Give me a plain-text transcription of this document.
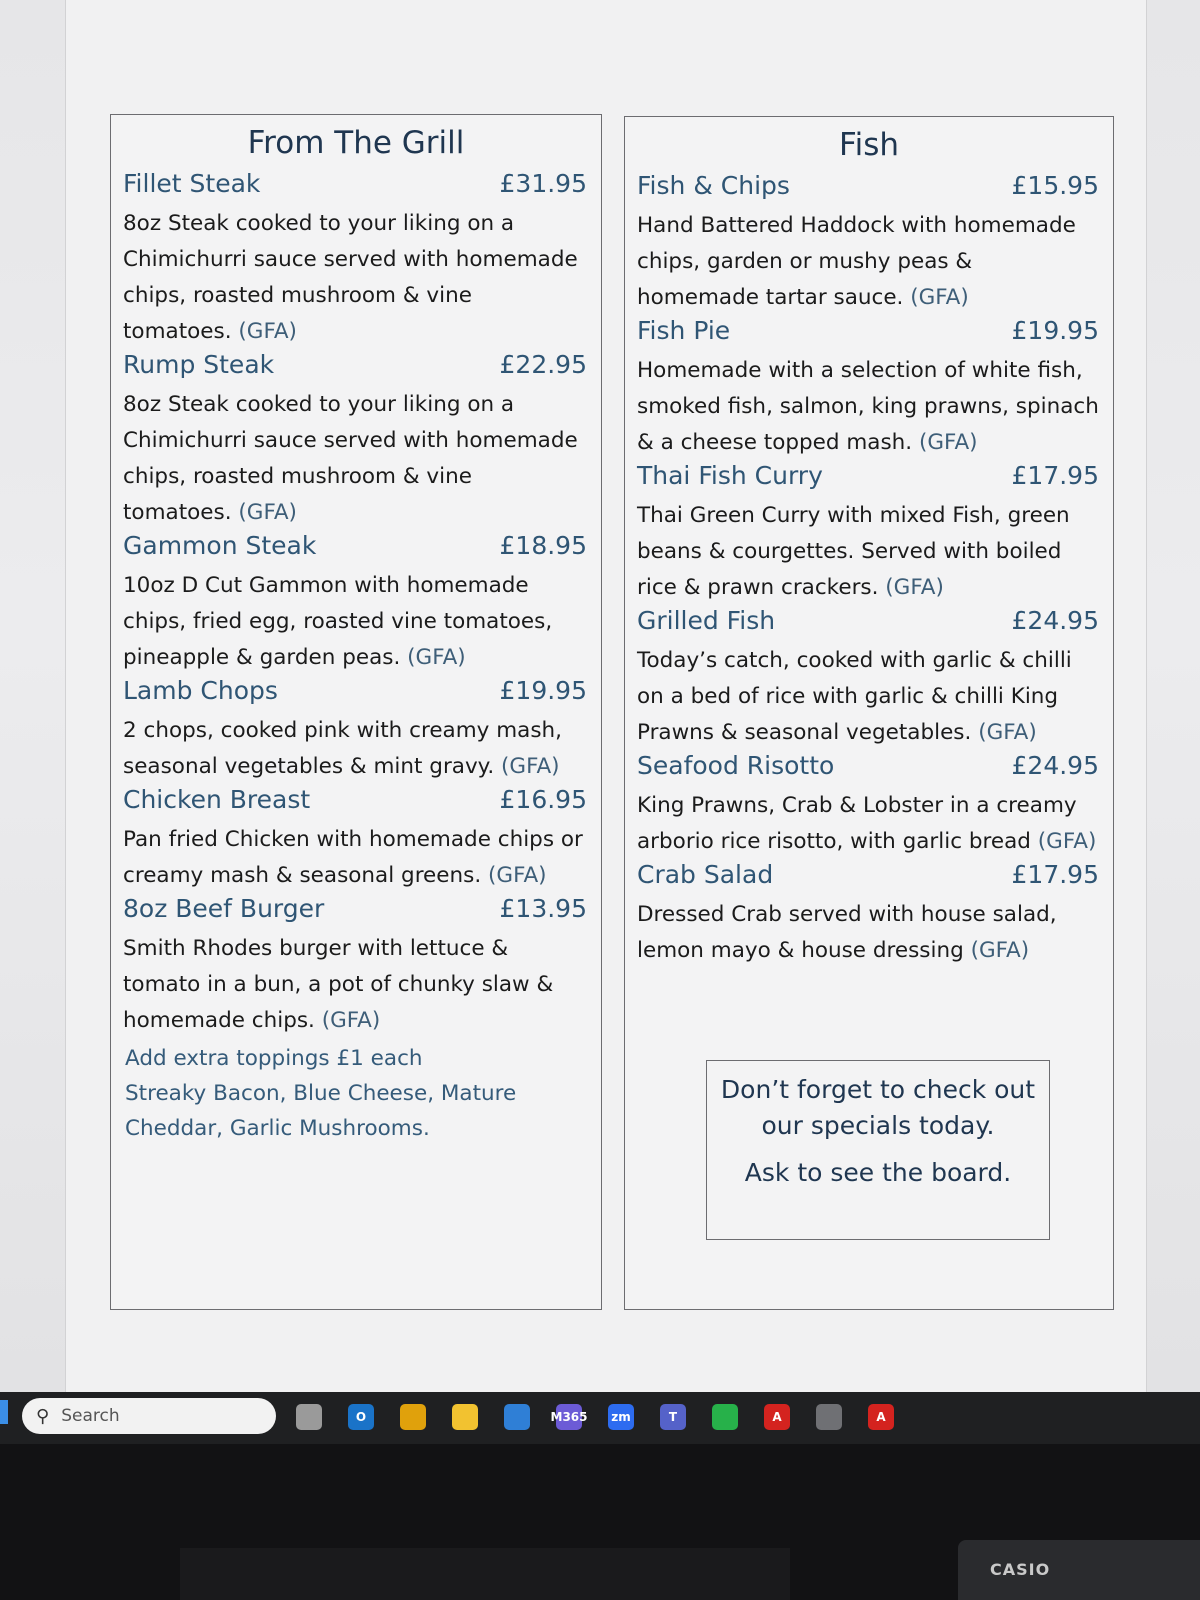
From The Grill
Fillet Steak	£31.95
8oz Steak cooked to your liking on a Chimichurri sauce served with homemade chips, roasted mushroom & vine tomatoes. (GFA)
Rump Steak	£22.95
8oz Steak cooked to your liking on a Chimichurri sauce served with homemade chips, roasted mushroom & vine tomatoes. (GFA)
Gammon Steak	£18.95
10oz D Cut Gammon with homemade chips, fried egg, roasted vine tomatoes, pineapple & garden peas. (GFA)
Lamb Chops	£19.95
2 chops, cooked pink with creamy mash, seasonal vegetables & mint gravy. (GFA)
Chicken Breast	£16.95
Pan fried Chicken with homemade chips or creamy mash & seasonal greens. (GFA)
8oz Beef Burger	£13.95
Smith Rhodes burger with lettuce & tomato in a bun, a pot of chunky slaw & homemade chips. (GFA)
Add extra toppings £1 each
Streaky Bacon, Blue Cheese, Mature Cheddar, Garlic Mushrooms.
Fish
Fish & Chips	£15.95
Hand Battered Haddock with homemade chips, garden or mushy peas & homemade tartar sauce. (GFA)
Fish Pie	£19.95
Homemade with a selection of white fish, smoked fish, salmon, king prawns, spinach & a cheese topped mash. (GFA)
Thai Fish Curry	£17.95
Thai Green Curry with mixed Fish, green beans & courgettes. Served with boiled rice & prawn crackers. (GFA)
Grilled Fish	£24.95
Today’s catch, cooked with garlic & chilli on a bed of rice with garlic & chilli King Prawns & seasonal vegetables. (GFA)
Seafood Risotto	£24.95
King Prawns, Crab & Lobster in a creamy arborio rice risotto, with garlic bread (GFA)
Crab Salad	£17.95
Dressed Crab served with house salad, lemon mayo & house dressing (GFA)
Don’t forget to check out
our specials today.
Ask to see the board.
⚲ Search	O	M365 zm	T	A	A
CASIO
